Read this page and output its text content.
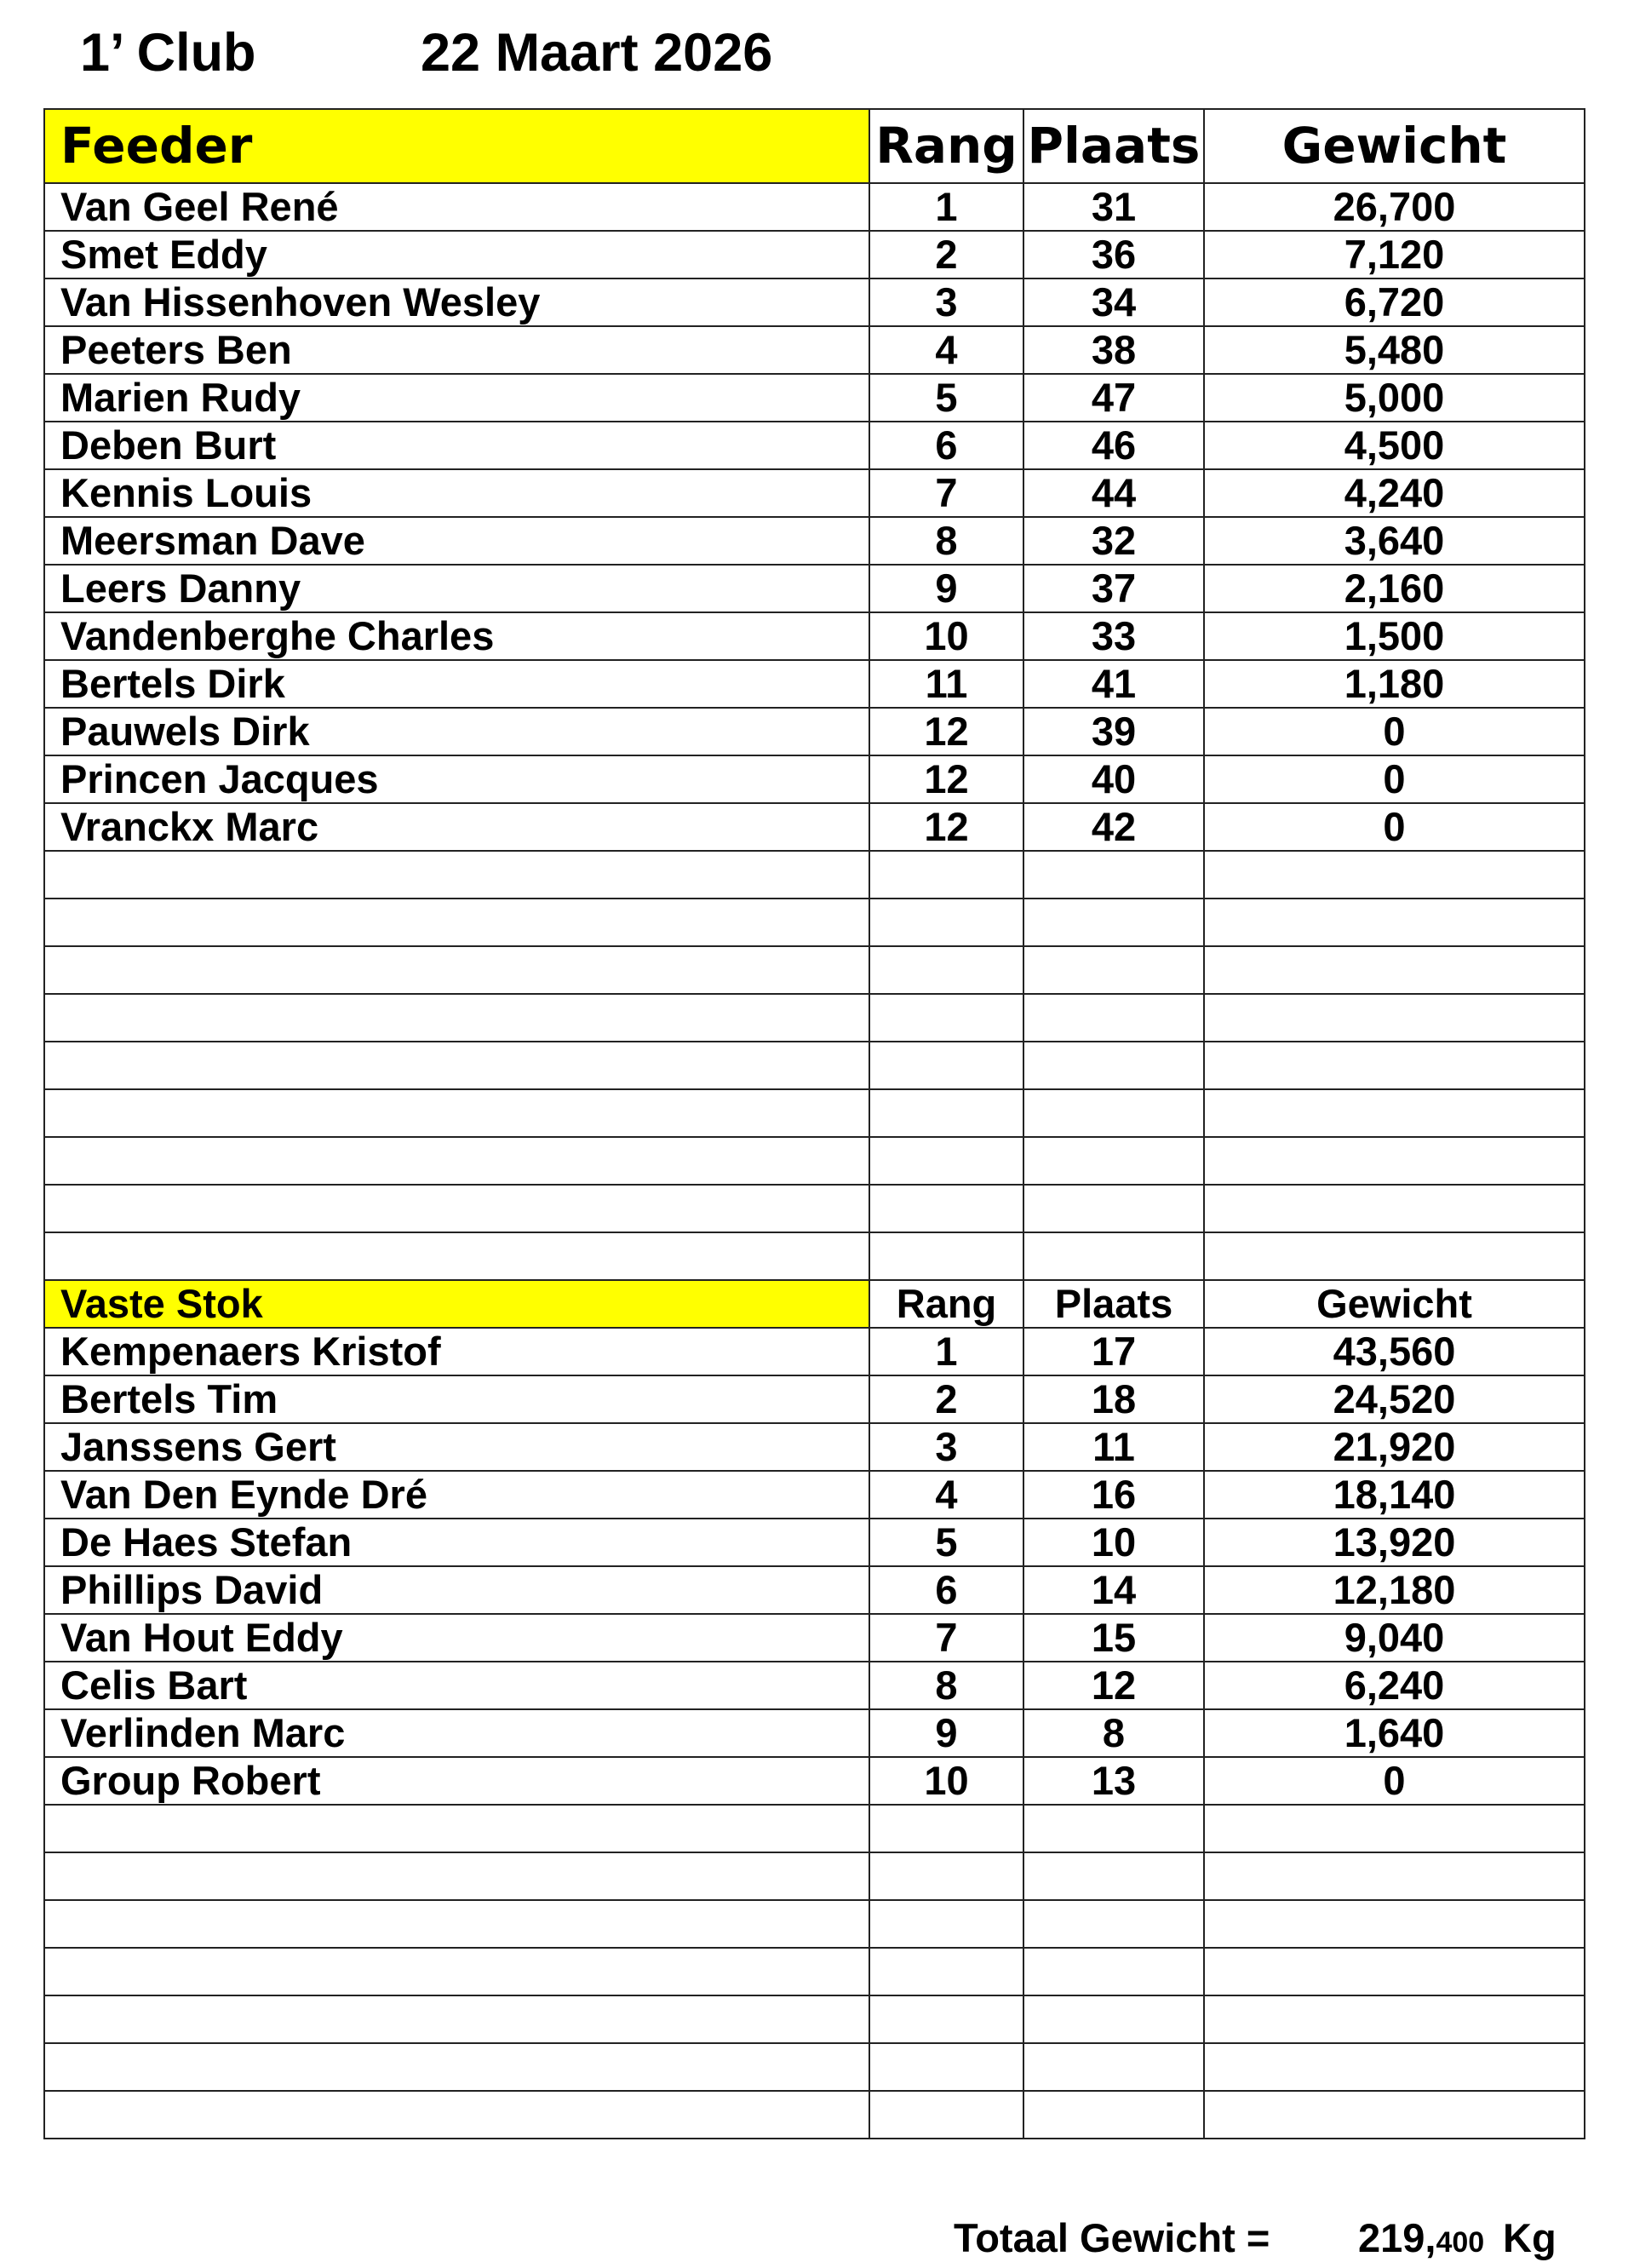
1’ Club	22 Maart 2026
Feeder	Rang	Plaats	Gewicht
Van Geel René	1	31	26,700
Smet Eddy	2	36	7,120
Van Hissenhoven Wesley	3	34	6,720
Peeters Ben	4	38	5,480
Marien Rudy	5	47	5,000
Deben Burt	6	46	4,500
Kennis Louis	7	44	4,240
Meersman Dave	8	32	3,640
Leers Danny	9	37	2,160
Vandenberghe Charles	10	33	1,500
Bertels Dirk	11	41	1,180
Pauwels Dirk	12	39	0
Princen Jacques	12	40	0
Vranckx Marc	12	42	0

Vaste Stok	Rang	Plaats	Gewicht
Kempenaers Kristof	1	17	43,560
Bertels Tim	2	18	24,520
Janssens Gert	3	11	21,920
Van Den Eynde Dré	4	16	18,140
De Haes Stefan	5	10	13,920
Phillips David	6	14	12,180
Van Hout Eddy	7	15	9,040
Celis Bart	8	12	6,240
Verlinden Marc	9	8	1,640
Group Robert	10	13	0

Totaal Gewicht = 219,400 Kg
